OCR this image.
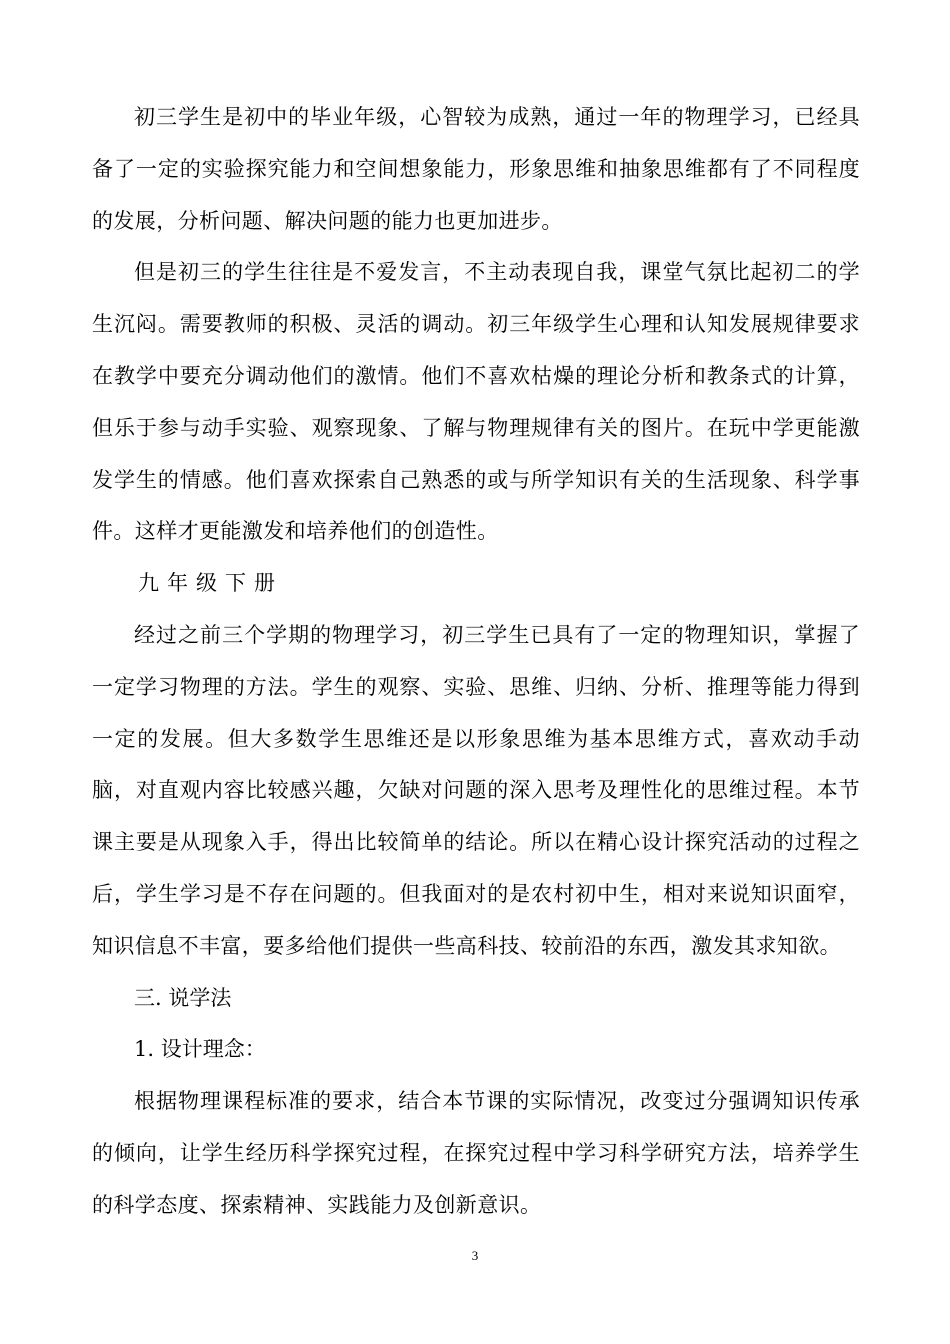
初三学生是初中的毕业年级，心智较为成熟，通过一年的物理学习，已经具备了一定的实验探究能力和空间想象能力，形象思维和抽象思维都有了不同程度的发展，分析问题、解决问题的能力也更加进步。

但是初三的学生往往是不爱发言，不主动表现自我，课堂气氛比起初二的学生沉闷。需要教师的积极、灵活的调动。初三年级学生心理和认知发展规律要求在教学中要充分调动他们的激情。他们不喜欢枯燥的理论分析和教条式的计算，但乐于参与动手实验、观察现象、了解与物理规律有关的图片。在玩中学更能激发学生的情感。他们喜欢探索自己熟悉的或与所学知识有关的生活现象、科学事件。这样才更能激发和培养他们的创造性。

九年级下册

经过之前三个学期的物理学习，初三学生已具有了一定的物理知识，掌握了一定学习物理的方法。学生的观察、实验、思维、归纳、分析、推理等能力得到一定的发展。但大多数学生思维还是以形象思维为基本思维方式，喜欢动手动脑，对直观内容比较感兴趣，欠缺对问题的深入思考及理性化的思维过程。本节课主要是从现象入手，得出比较简单的结论。所以在精心设计探究活动的过程之后，学生学习是不存在问题的。但我面对的是农村初中生，相对来说知识面窄，知识信息不丰富，要多给他们提供一些高科技、较前沿的东西，激发其求知欲。

三. 说学法

1. 设计理念：

根据物理课程标准的要求，结合本节课的实际情况，改变过分强调知识传承的倾向，让学生经历科学探究过程，在探究过程中学习科学研究方法，培养学生的科学态度、探索精神、实践能力及创新意识。

3
